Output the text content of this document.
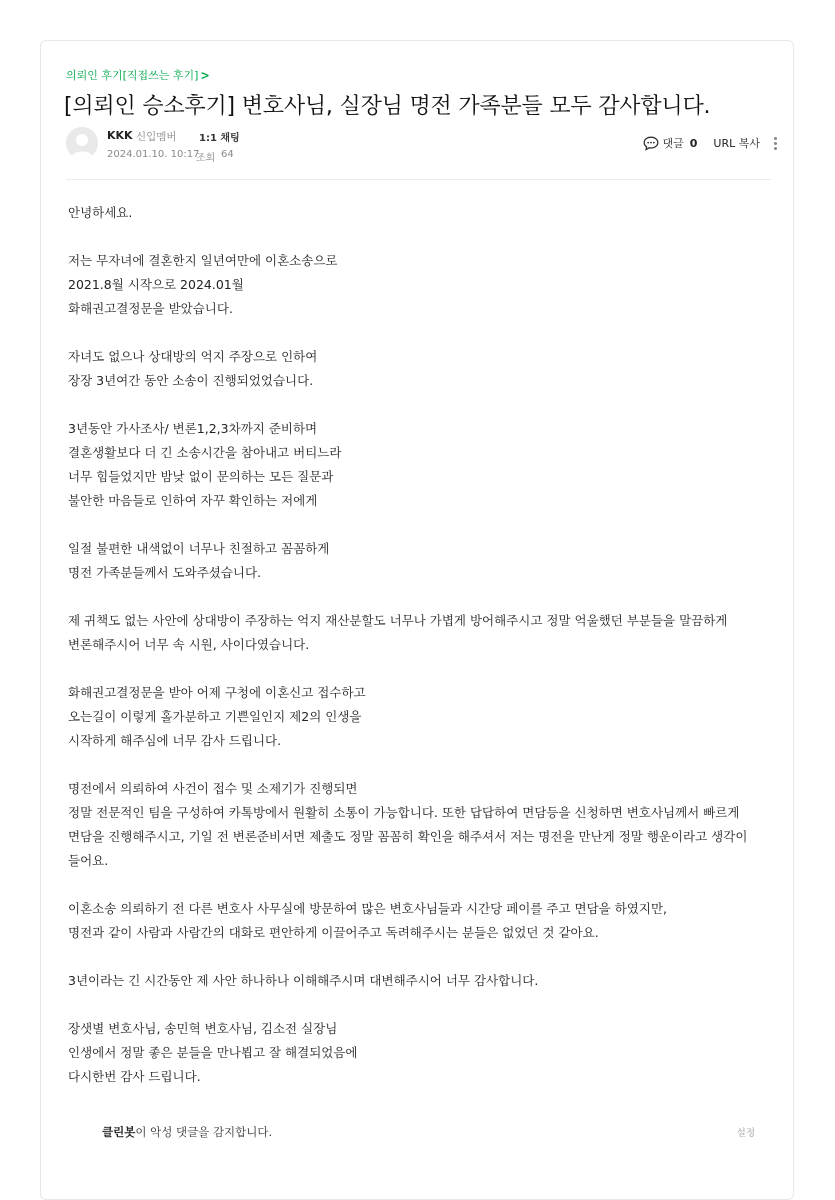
의뢰인 후기[직접쓰는 후기] >
[의뢰인 승소후기] 변호사님, 실장님 명전 가족분들 모두 감사합니다.
KKK 신입멤버 1:1 채팅
2024.01.10. 10:17
조회 64
댓글 0 URL 복사

안녕하세요.

저는 무자녀에 결혼한지 일년여만에 이혼소송으로

2021.8월 시작으로 2024.01월

화해권고결정문을 받았습니다.

자녀도 없으나 상대방의 억지 주장으로 인하여

장장 3년여간 동안 소송이 진행되었었습니다.

3년동안 가사조사/ 변론1,2,3차까지 준비하며

결혼생활보다 더 긴 소송시간을 참아내고 버티느라

너무 힘들었지만 밤낮 없이 문의하는 모든 질문과

불안한 마음들로 인하여 자꾸 확인하는 저에게

일절 불편한 내색없이 너무나 친절하고 꼼꼼하게

명전 가족분들께서 도와주셨습니다.

제 귀책도 없는 사안에 상대방이 주장하는 억지 재산분할도 너무나 가볍게 방어해주시고 정말 억울했던 부분들을 말끔하게 변론해주시어 너무 속 시원, 사이다였습니다.

화해권고결정문을 받아 어제 구청에 이혼신고 접수하고

오는길이 이렇게 홀가분하고 기쁜일인지 제2의 인생을

시작하게 해주심에 너무 감사 드립니다.

명전에서 의뢰하여 사건이 접수 및 소제기가 진행되면

정말 전문적인 팀을 구성하여 카톡방에서 원활히 소통이 가능합니다. 또한 답답하여 면담등을 신청하면 변호사님께서 빠르게 면담을 진행해주시고, 기일 전 변론준비서면 제출도 정말 꼼꼼히 확인을 해주셔서 저는 명전을 만난게 정말 행운이라고 생각이 들어요.

이혼소송 의뢰하기 전 다른 변호사 사무실에 방문하여 많은 변호사님들과 시간당 페이를 주고 면담을 하였지만,

명전과 같이 사람과 사람간의 대화로 편안하게 이끌어주고 독려해주시는 분들은 없었던 것 같아요.

3년이라는 긴 시간동안 제 사안 하나하나 이해해주시며 대변해주시어 너무 감사합니다.

장샛별 변호사님, 송민혁 변호사님, 김소전 실장님

인생에서 정말 좋은 분들을 만나뵙고 잘 해결되었음에

다시한번 감사 드립니다.

클린봇이 악성 댓글을 감지합니다.	설정
